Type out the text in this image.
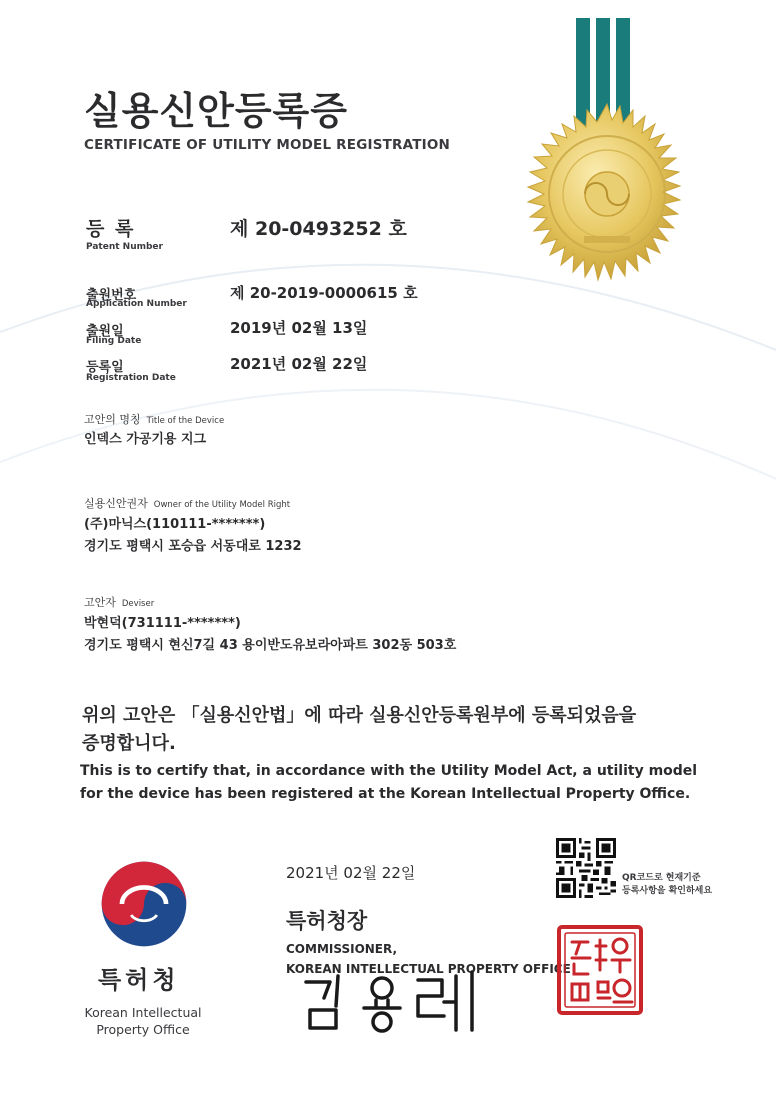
실용신안등록증
CERTIFICATE OF UTILITY MODEL REGISTRATION
등 록
Patent Number
제 20-0493252 호
출원번호
Application Number
제 20-2019-0000615 호
출원일
Filing Date
2019년 02월 13일
등록일
Registration Date
2021년 02월 22일
고안의 명칭 Title of the Device
인덱스 가공기용 지그
실용신안권자 Owner of the Utility Model Right
(주)마닉스(110111-*******)
경기도 평택시 포승읍 서동대로 1232
고안자 Deviser
박현덕(731111-*******)
경기도 평택시 현신7길 43 용이반도유보라아파트 302동 503호
위의 고안은 「실용신안법」에 따라 실용신안등록원부에 등록되었음을
증명합니다.
This is to certify that, in accordance with the Utility Model Act, a utility model
for the device has been registered at the Korean Intellectual Property Office.
특허청
Korean Intellectual
Property Office
2021년 02월 22일
특허청장
COMMISSIONER,
KOREAN INTELLECTUAL PROPERTY OFFICE
QR코드로 현재기준
등록사항을 확인하세요
